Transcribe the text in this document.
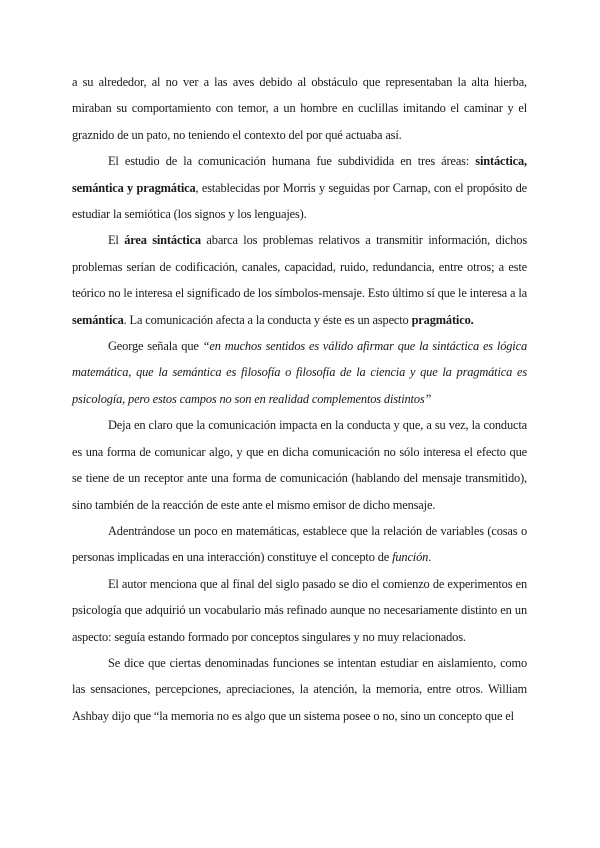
a su alrededor, al no ver a las aves debido al obstáculo que representaban la alta hierba, miraban su comportamiento con temor, a un hombre en cuclillas imitando el caminar y el graznido de un pato, no teniendo el contexto del por qué actuaba así.

El estudio de la comunicación humana fue subdividida en tres áreas: sintáctica, semántica y pragmática, establecidas por Morris y seguidas por Carnap, con el propósito de estudiar la semiótica (los signos y los lenguajes).

El área sintáctica abarca los problemas relativos a transmitir información, dichos problemas serían de codificación, canales, capacidad, ruido, redundancia, entre otros; a este teórico no le interesa el significado de los símbolos-mensaje. Esto último sí que le interesa a la semántica. La comunicación afecta a la conducta y éste es un aspecto pragmático.

George señala que “en muchos sentidos es válido afirmar que la sintáctica es lógica matemática, que la semántica es filosofía o filosofía de la ciencia y que la pragmática es psicología, pero estos campos no son en realidad complementos distintos”

Deja en claro que la comunicación impacta en la conducta y que, a su vez, la conducta es una forma de comunicar algo, y que en dicha comunicación no sólo interesa el efecto que se tiene de un receptor ante una forma de comunicación (hablando del mensaje transmitido), sino también de la reacción de este ante el mismo emisor de dicho mensaje.

Adentrándose un poco en matemáticas, establece que la relación de variables (cosas o personas implicadas en una interacción) constituye el concepto de función.

El autor menciona que al final del siglo pasado se dio el comienzo de experimentos en psicología que adquirió un vocabulario más refinado aunque no necesariamente distinto en un aspecto: seguía estando formado por conceptos singulares y no muy relacionados.

Se dice que ciertas denominadas funciones se intentan estudiar en aislamiento, como las sensaciones, percepciones, apreciaciones, la atención, la memoria, entre otros. William Ashbay dijo que “la memoria no es algo que un sistema posee o no, sino un concepto que el
